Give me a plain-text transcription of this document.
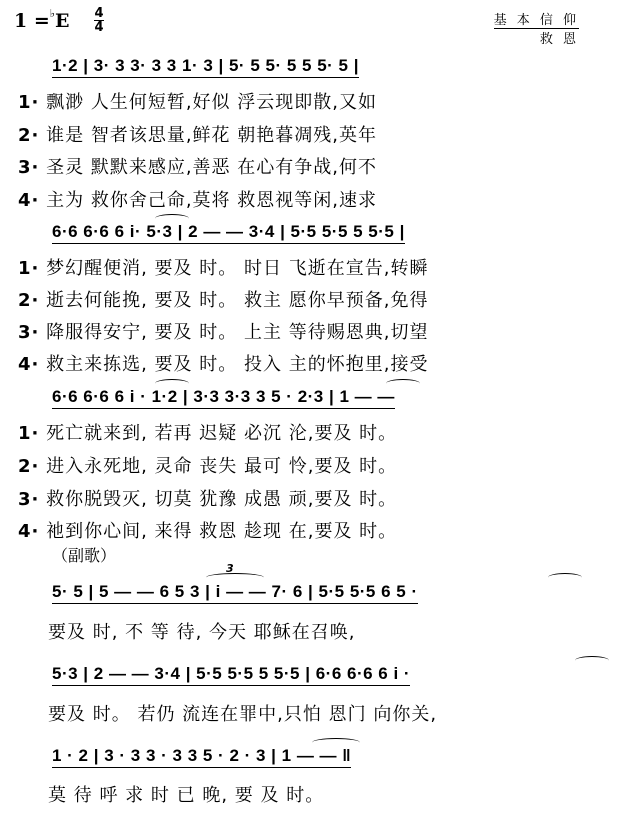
1 =♭E 4
4	基 本 信 仰
救 恩
1·2 | 3· 3 3· 3 3 1· 3 | 5· 5 5· 5 5 5· 5 |
1· 飘渺 人生何短暂,好似 浮云现即散,又如
2· 谁是 智者该思量,鲜花 朝艳暮凋残,英年
3· 圣灵 默默来感应,善恶 在心有争战,何不
4· 主为 救你舍己命,莫将 救恩视等闲,速求
6·6 6·6 6 i· 5·3 | 2 — — 3·4 | 5·5 5·5 5 5·5 |
1· 梦幻醒便消, 要及 时。 时日 飞逝在宣告,转瞬
2· 逝去何能挽, 要及 时。 救主 愿你早预备,免得
3· 降服得安宁, 要及 时。 上主 等待赐恩典,切望
4· 救主来拣选, 要及 时。 投入 主的怀抱里,接受
6·6 6·6 6 i · 1·2 | 3·3 3·3 3 5 · 2·3 | 1 — —
1· 死亡就来到, 若再 迟疑 必沉 沦,要及 时。
2· 进入永死地, 灵命 丧失 最可 怜,要及 时。
3· 救你脱毁灭, 切莫 犹豫 成愚 顽,要及 时。
4· 祂到你心间, 来得 救恩 趁现 在,要及 时。
（副歌）
3
5· 5 | 5 — — 6 5 3 | i — — 7· 6 | 5·5 5·5 6 5 ·
要及 时, 不 等 待, 今天 耶稣在召唤,
5·3 | 2 — — 3·4 | 5·5 5·5 5 5·5 | 6·6 6·6 6 i ·
要及 时。 若仍 流连在罪中,只怕 恩门 向你关,
1 · 2 | 3 · 3 3 · 3 3 5 · 2 · 3 | 1 — — ‖
莫 待 呼 求 时 已 晚, 要 及 时。
